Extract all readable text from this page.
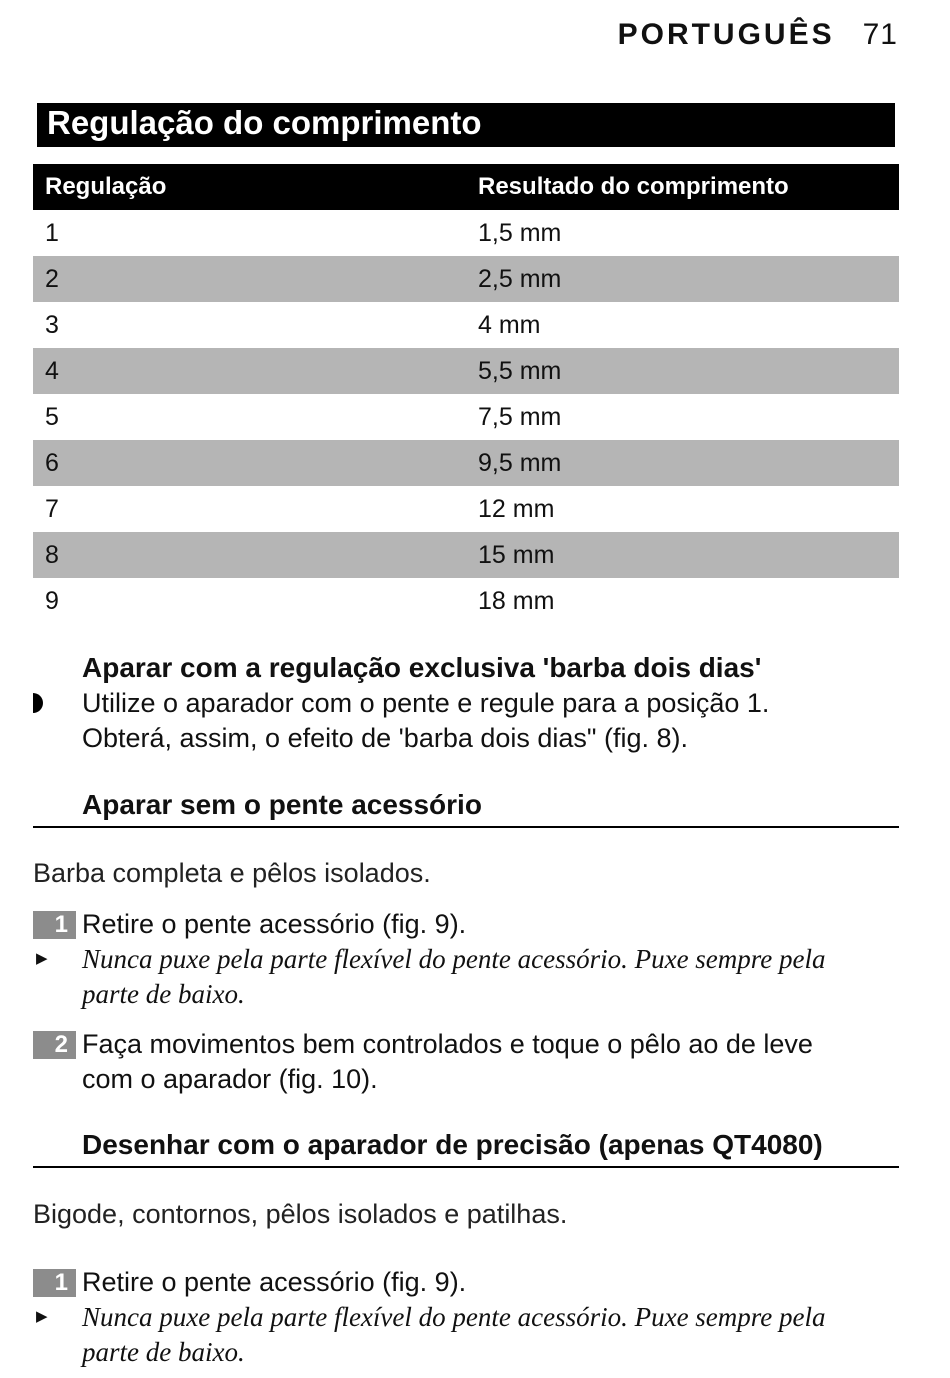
PORTUGUÊS 71
Regulação do comprimento
Regulação	Resultado do comprimento
1	1,5 mm
2	2,5 mm
3	4 mm
4	5,5 mm
5	7,5 mm
6	9,5 mm
7	12 mm
8	15 mm
9	18 mm
Aparar com a regulação exclusiva 'barba dois dias'
Utilize o aparador com o pente e regule para a posição 1.
Obterá, assim, o efeito de 'barba dois dias" (fig. 8).
Aparar sem o pente acessório
Barba completa e pêlos isolados.
1 Retire o pente acessório (fig. 9).
▶ Nunca puxe pela parte flexível do pente acessório. Puxe sempre pela
parte de baixo.
2 Faça movimentos bem controlados e toque o pêlo ao de leve
com o aparador (fig. 10).
Desenhar com o aparador de precisão (apenas QT4080)
Bigode, contornos, pêlos isolados e patilhas.
1 Retire o pente acessório (fig. 9).
▶ Nunca puxe pela parte flexível do pente acessório. Puxe sempre pela
parte de baixo.
